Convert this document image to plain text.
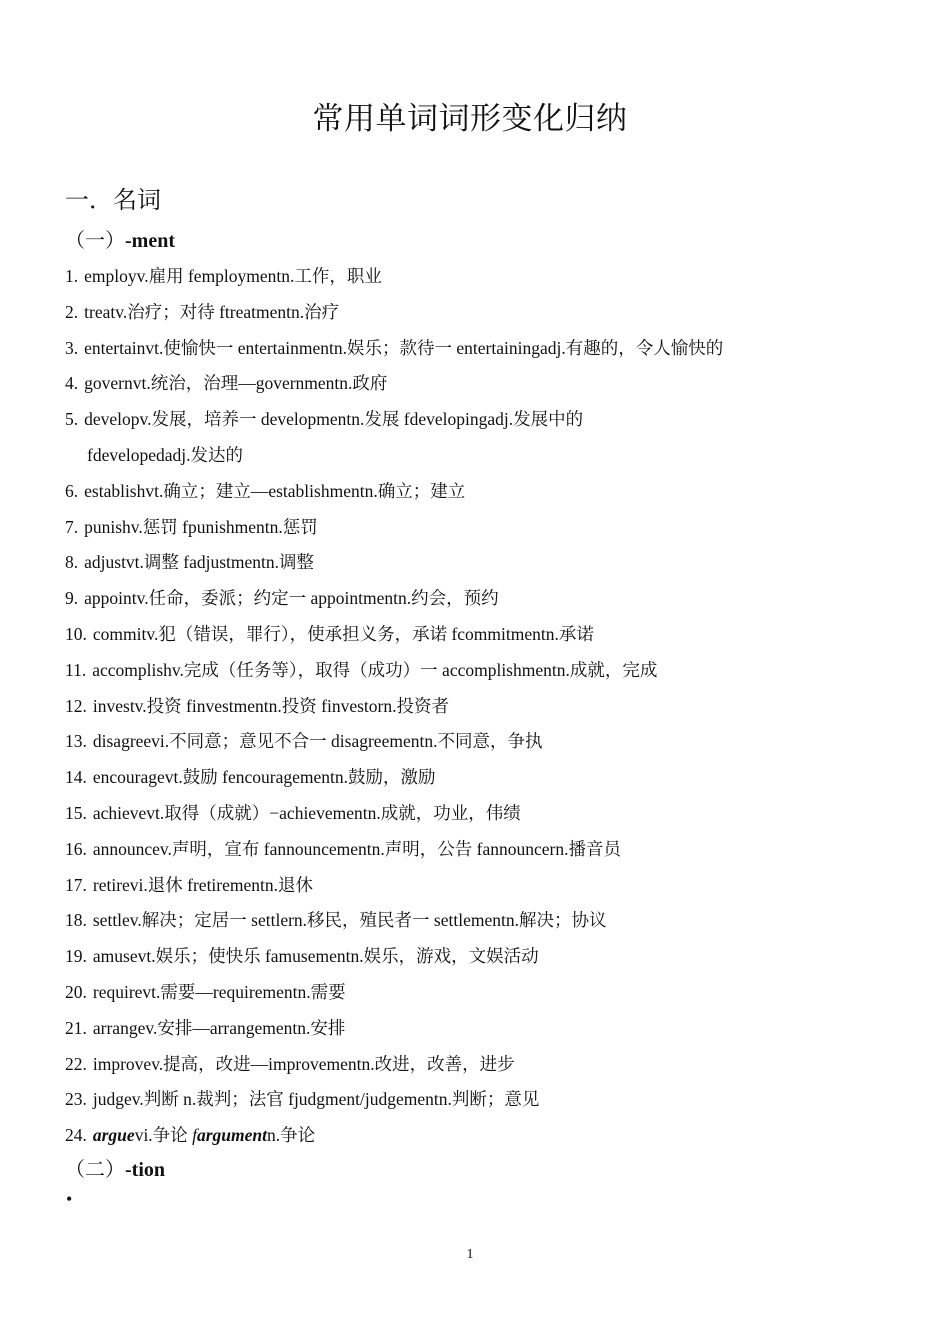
常用单词词形变化归纳
一．名词
（一）-ment
1. employv.雇用 femploymentn.工作，职业
2. treatv.治疗；对待 ftreatmentn.治疗
3. entertainvt.使愉快一 entertainmentn.娱乐；款待一 entertainingadj.有趣的，令人愉快的
4. governvt.统治，治理—governmentn.政府
5. developv.发展，培养一 developmentn.发展 fdevelopingadj.发展中的
fdevelopedadj.发达的
6. establishvt.确立；建立—establishmentn.确立；建立
7. punishv.惩罚 fpunishmentn.惩罚
8. adjustvt.调整 fadjustmentn.调整
9. appointv.任命，委派；约定一 appointmentn.约会，预约
10. commitv.犯（错误，罪行），使承担义务，承诺 fcommitmentn.承诺
11. accomplishv.完成（任务等），取得（成功）一 accomplishmentn.成就，完成
12. investv.投资 finvestmentn.投资 finvestorn.投资者
13. disagreevi.不同意；意见不合一 disagreementn.不同意，争执
14. encouragevt.鼓励 fencouragementn.鼓励，激励
15. achievevt.取得（成就）−achievementn.成就，功业，伟绩
16. announcev.声明，宣布 fannouncementn.声明，公告 fannouncern.播音员
17. retirevi.退休 fretirementn.退休
18. settlev.解决；定居一 settlern.移民，殖民者一 settlementn.解决；协议
19. amusevt.娱乐；使快乐 famusementn.娱乐，游戏，文娱活动
20. requirevt.需要—requirementn.需要
21. arrangev.安排—arrangementn.安排
22. improvev.提高，改进—improvementn.改进，改善，进步
23. judgev.判断 n.裁判；法官 fjudgment/judgementn.判断；意见
24. arguevi.争论 fargumentn.争论
（二）-tion
•
1
